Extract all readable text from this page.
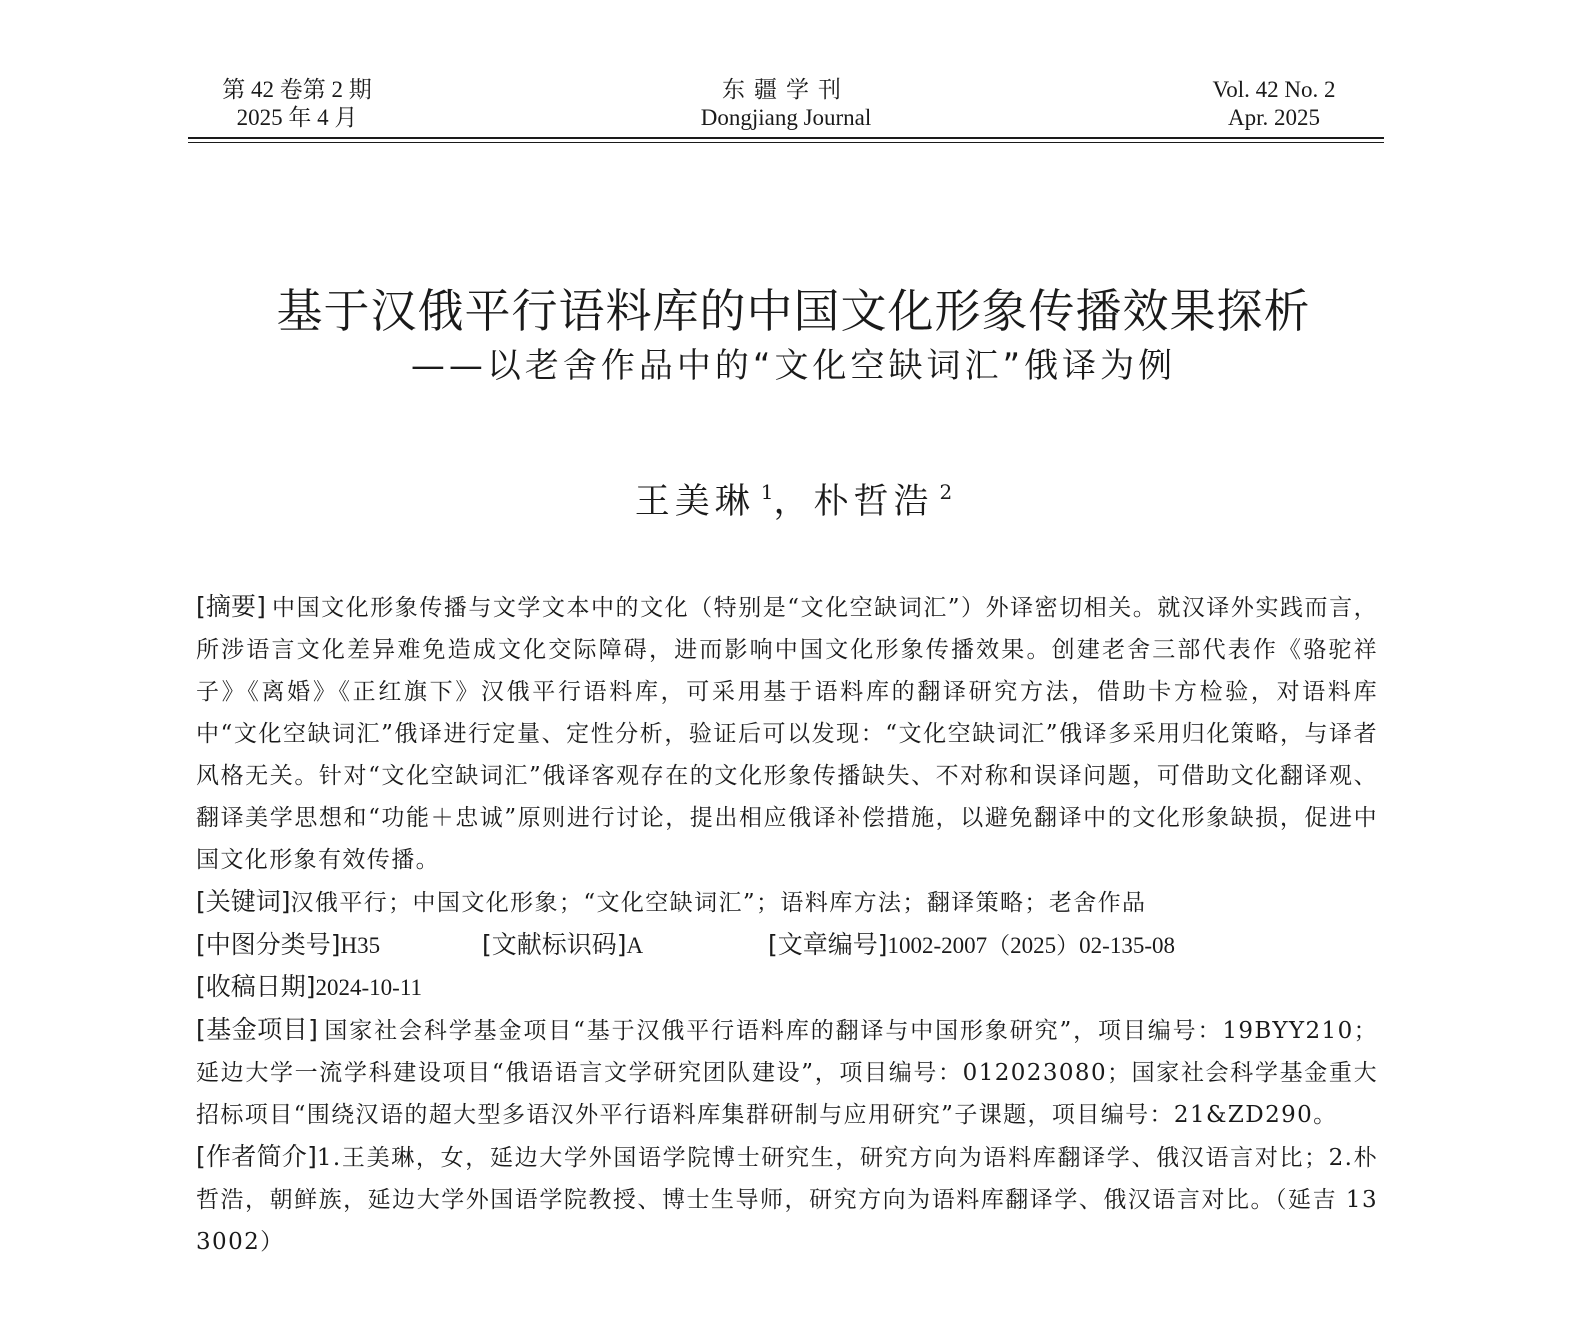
第 42 卷第 2 期
2025 年 4 月
东疆学刊
Dongjiang Journal
Vol. 42 No. 2
Apr. 2025
基于汉俄平行语料库的中国文化形象传播效果探析
——以老舍作品中的“文化空缺词汇”俄译为例
王美琳 $^1$，朴哲浩 $^2$

[摘要] 中国文化形象传播与文学文本中的文化（特别是“文化空缺词汇”）外译密切相关。就汉译外实践而言，所涉语言文化差异难免造成文化交际障碍，进而影响中国文化形象传播效果。创建老舍三部代表作《骆驼祥子》《离婚》《正红旗下》汉俄平行语料库，可采用基于语料库的翻译研究方法，借助卡方检验，对语料库中“文化空缺词汇”俄译进行定量、定性分析，验证后可以发现：“文化空缺词汇”俄译多采用归化策略，与译者风格无关。针对“文化空缺词汇”俄译客观存在的文化形象传播缺失、不对称和误译问题，可借助文化翻译观、翻译美学思想和“功能＋忠诚”原则进行讨论，提出相应俄译补偿措施，以避免翻译中的文化形象缺损，促进中国文化形象有效传播。

[关键词]汉俄平行；中国文化形象；“文化空缺词汇”；语料库方法；翻译策略；老舍作品

[中图分类号]H35	[文献标识码]A	[文章编号]1002-2007（2025）02-135-08

[收稿日期]2024-10-11

[基金项目] 国家社会科学基金项目“基于汉俄平行语料库的翻译与中国形象研究”，项目编号：19BYY210；延边大学一流学科建设项目“俄语语言文学研究团队建设”，项目编号：012023080；国家社会科学基金重大招标项目“围绕汉语的超大型多语汉外平行语料库集群研制与应用研究”子课题，项目编号：21&ZD290。

[作者简介]1.王美琳，女，延边大学外国语学院博士研究生，研究方向为语料库翻译学、俄汉语言对比；2.朴哲浩，朝鲜族，延边大学外国语学院教授、博士生导师，研究方向为语料库翻译学、俄汉语言对比。（延吉 133002）
